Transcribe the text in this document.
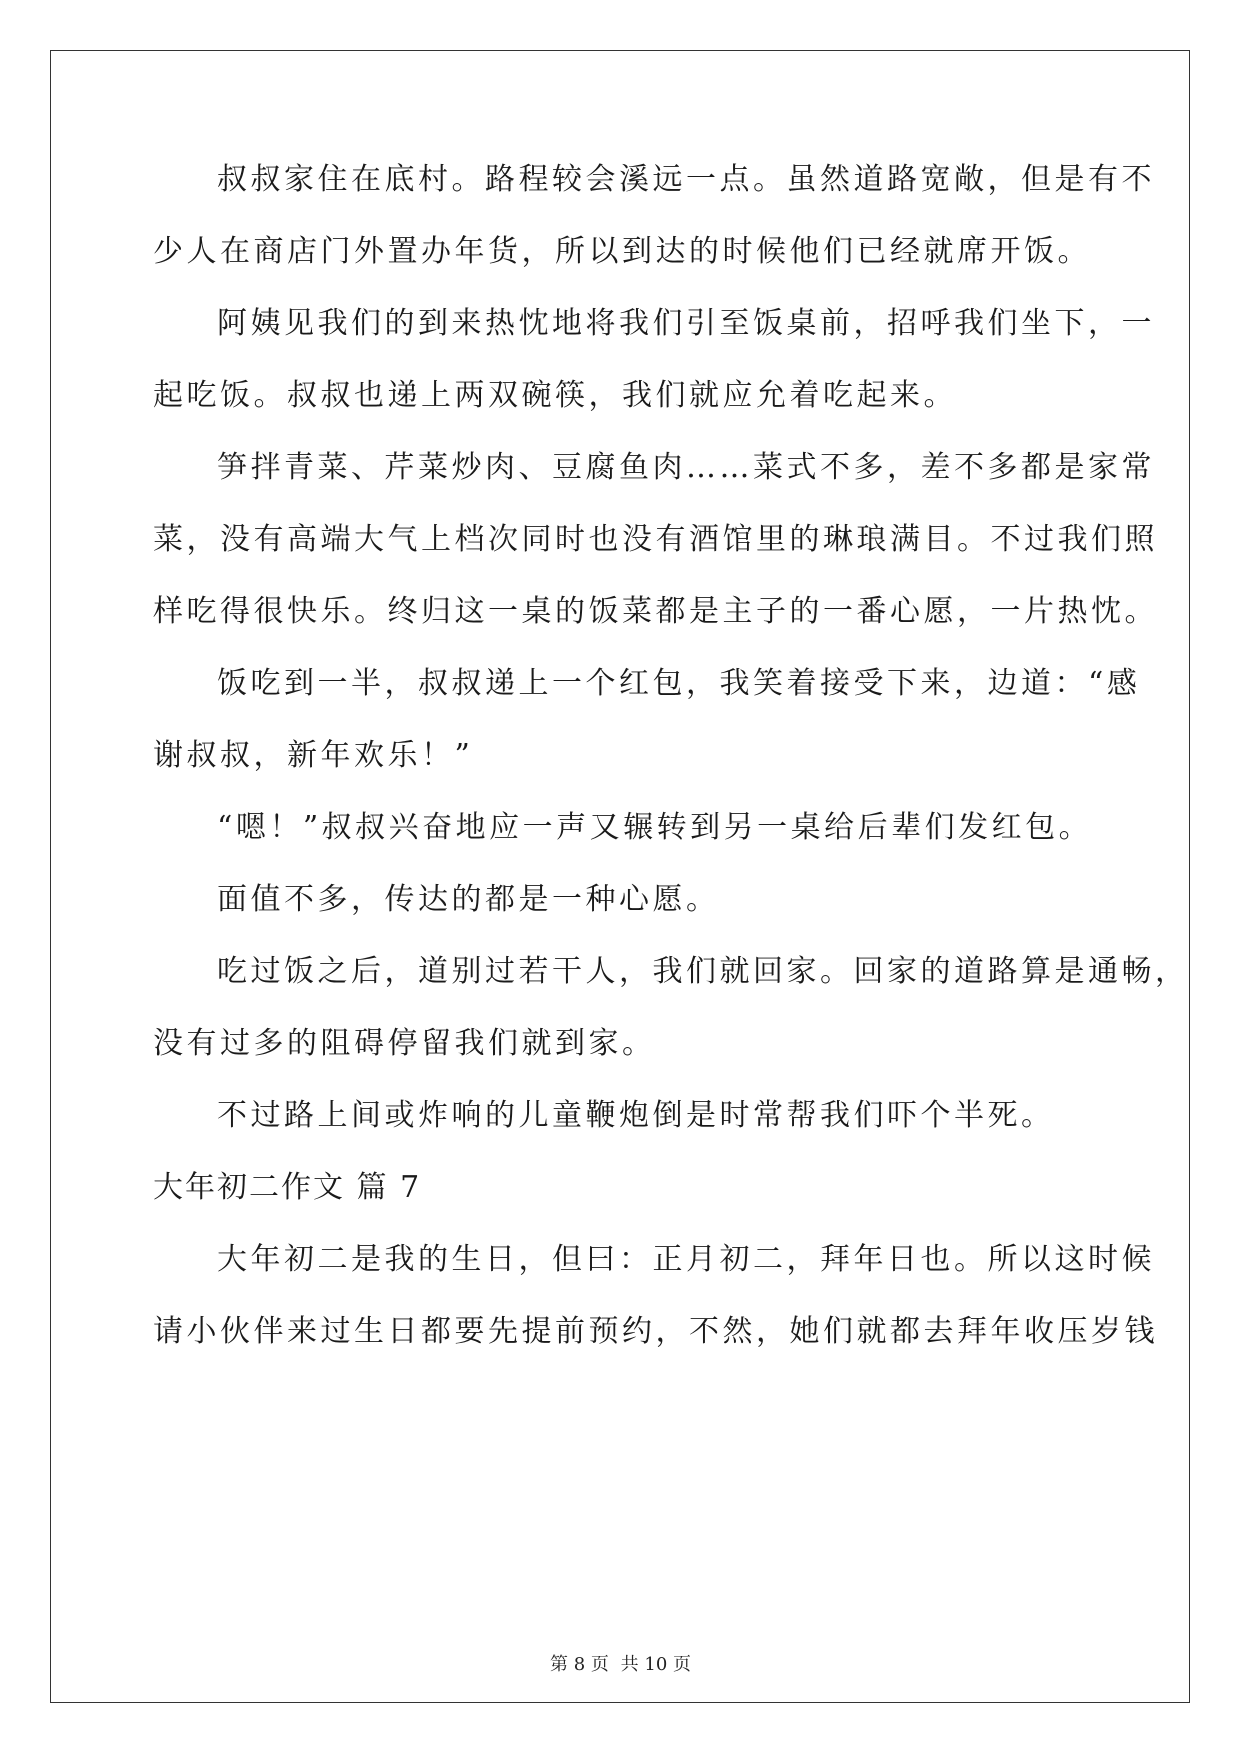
叔叔家住在底村。路程较会溪远一点。虽然道路宽敞，但是有不
少人在商店门外置办年货，所以到达的时候他们已经就席开饭。
阿姨见我们的到来热忱地将我们引至饭桌前，招呼我们坐下，一
起吃饭。叔叔也递上两双碗筷，我们就应允着吃起来。
笋拌青菜、芹菜炒肉、豆腐鱼肉……菜式不多，差不多都是家常
菜，没有高端大气上档次同时也没有酒馆里的琳琅满目。不过我们照
样吃得很快乐。终归这一桌的饭菜都是主子的一番心愿，一片热忱。
饭吃到一半，叔叔递上一个红包，我笑着接受下来，边道：“感
谢叔叔，新年欢乐！”
“嗯！”叔叔兴奋地应一声又辗转到另一桌给后辈们发红包。
面值不多，传达的都是一种心愿。
吃过饭之后，道别过若干人，我们就回家。回家的道路算是通畅，
没有过多的阻碍停留我们就到家。
不过路上间或炸响的儿童鞭炮倒是时常帮我们吓个半死。
大年初二作文 篇 7
大年初二是我的生日，但曰：正月初二，拜年日也。所以这时候
请小伙伴来过生日都要先提前预约，不然，她们就都去拜年收压岁钱
第 8 页 共 10 页
